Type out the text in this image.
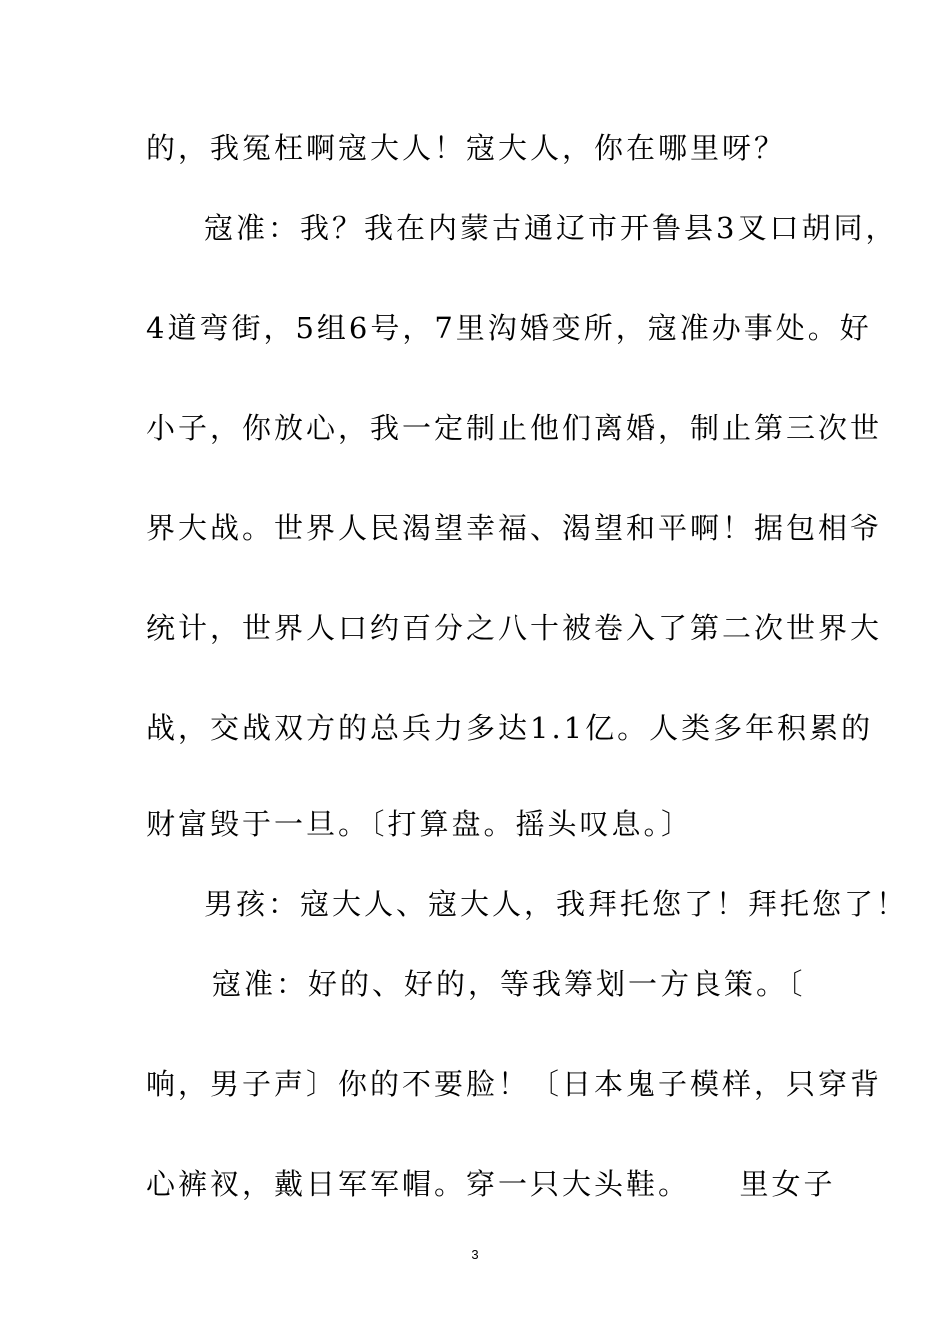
的，我冤枉啊寇大人！寇大人，你在哪里呀？
寇准：我？我在内蒙古通辽市开鲁县3叉口胡同，
4道弯街，5组6号，7里沟婚变所，寇准办事处。好
小子，你放心，我一定制止他们离婚，制止第三次世
界大战。世界人民渴望幸福、渴望和平啊！据包相爷
统计，世界人口约百分之八十被卷入了第二次世界大
战，交战双方的总兵力多达1.1亿。人类多年积累的
财富毁于一旦。〔打算盘。摇头叹息。〕
男孩：寇大人、寇大人，我拜托您了！拜托您了！
寇准：好的、好的，等我筹划一方良策。〔
响，男子声〕你的不要脸！〔日本鬼子模样，只穿背
心裤衩，戴日军军帽。穿一只大头鞋。　　里女子
3
